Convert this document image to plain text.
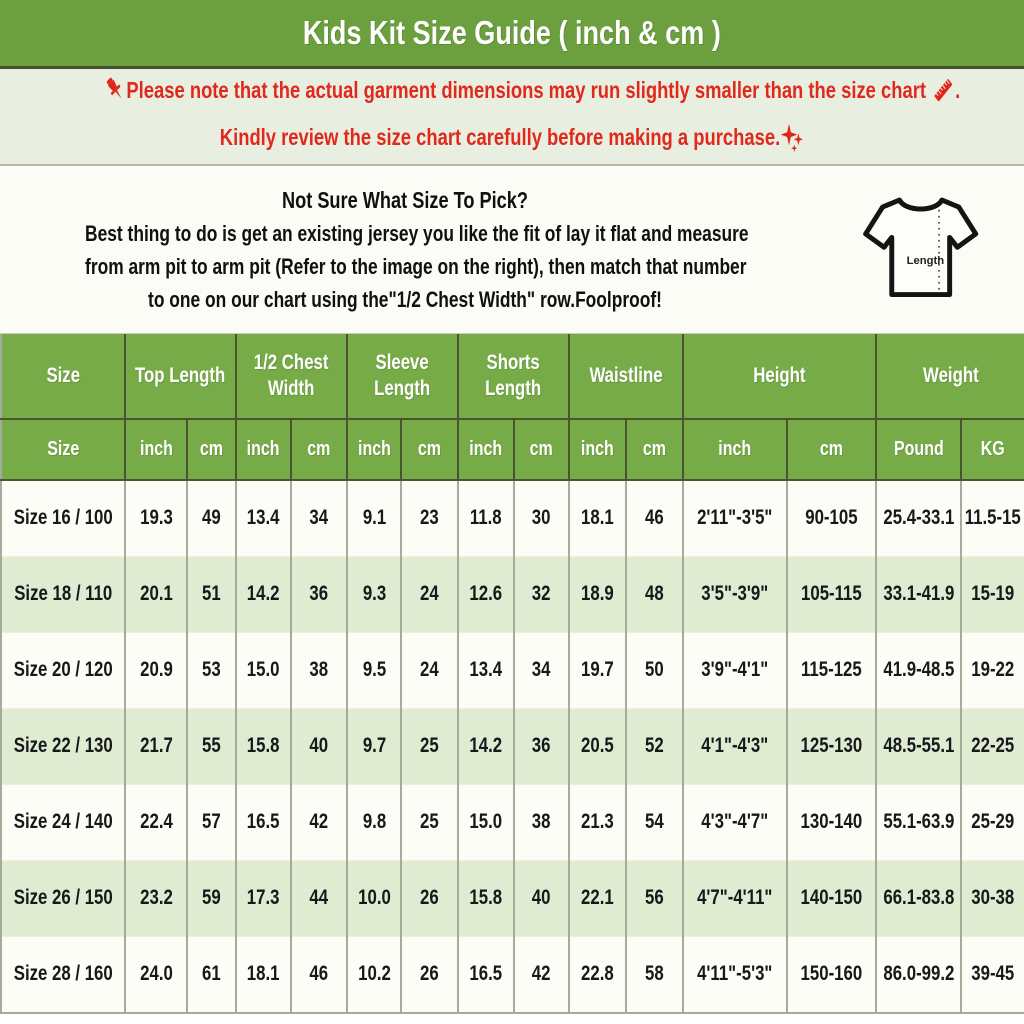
Kids Kit Size Guide ( inch & cm )
Please note that the actual garment dimensions may run slightly smaller than the size chart .
Kindly review the size chart carefully before making a purchase.
Not Sure What Size To Pick?
Best thing to do is get an existing jersey you like the fit of lay it flat and measure
from arm pit to arm pit (Refer to the image on the right), then match that number
to one on our chart using the"1/2 Chest Width" row.Foolproof!
Length
Size	Top Length		1/2 Chest Width		Sleeve Length		Shorts Length		Waistline		Height		Weight	

Size	inch	cm	inch	cm	inch	cm	inch	cm	inch	cm	inch	cm	Pound	KG

Size 16 / 100	19.3	49	13.4	34	9.1	23	11.8	30	18.1	46	2'11"-3'5"	90-105	25.4-33.1	11.5-15

Size 18 / 110	20.1	51	14.2	36	9.3	24	12.6	32	18.9	48	3'5"-3'9"	105-115	33.1-41.9	15-19

Size 20 / 120	20.9	53	15.0	38	9.5	24	13.4	34	19.7	50	3'9"-4'1"	115-125	41.9-48.5	19-22

Size 22 / 130	21.7	55	15.8	40	9.7	25	14.2	36	20.5	52	4'1"-4'3"	125-130	48.5-55.1	22-25

Size 24 / 140	22.4	57	16.5	42	9.8	25	15.0	38	21.3	54	4'3"-4'7"	130-140	55.1-63.9	25-29

Size 26 / 150	23.2	59	17.3	44	10.0	26	15.8	40	22.1	56	4'7"-4'11"	140-150	66.1-83.8	30-38

Size 28 / 160	24.0	61	18.1	46	10.2	26	16.5	42	22.8	58	4'11"-5'3"	150-160	86.0-99.2	39-45
